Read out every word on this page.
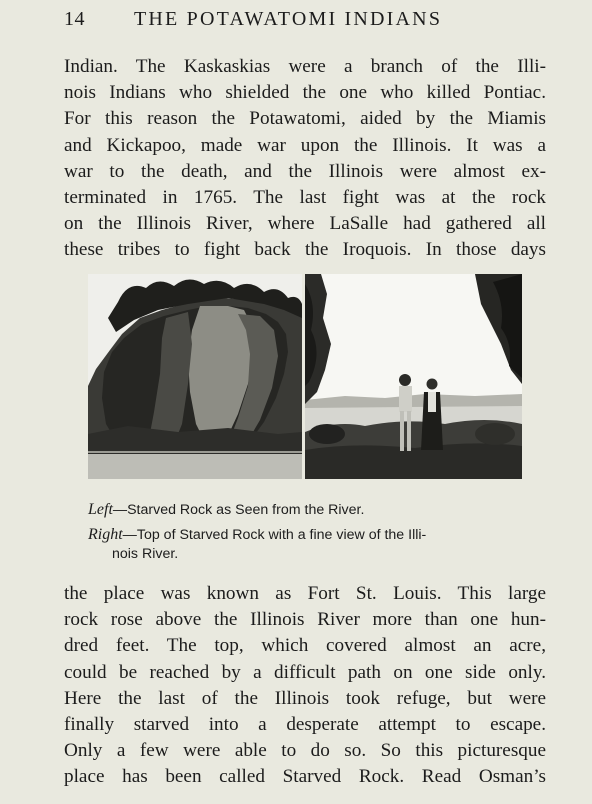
14 THE POTAWATOMI INDIANS
Indian. The Kaskaskias were a branch of the Illi-
nois Indians who shielded the one who killed Pontiac.
For this reason the Potawatomi, aided by the Miamis
and Kickapoo, made war upon the Illinois. It was a
war to the death, and the Illinois were almost ex-
terminated in 1765. The last fight was at the rock
on the Illinois River, where LaSalle had gathered all
these tribes to fight back the Iroquois. In those days
Left—Starved Rock as Seen from the River.
Right—Top of Starved Rock with a fine view of the Illi-
nois River.
the place was known as Fort St. Louis. This large
rock rose above the Illinois River more than one hun-
dred feet. The top, which covered almost an acre,
could be reached by a difficult path on one side only.
Here the last of the Illinois took refuge, but were
finally starved into a desperate attempt to escape.
Only a few were able to do so. So this picturesque
place has been called Starved Rock. Read Osman’s
